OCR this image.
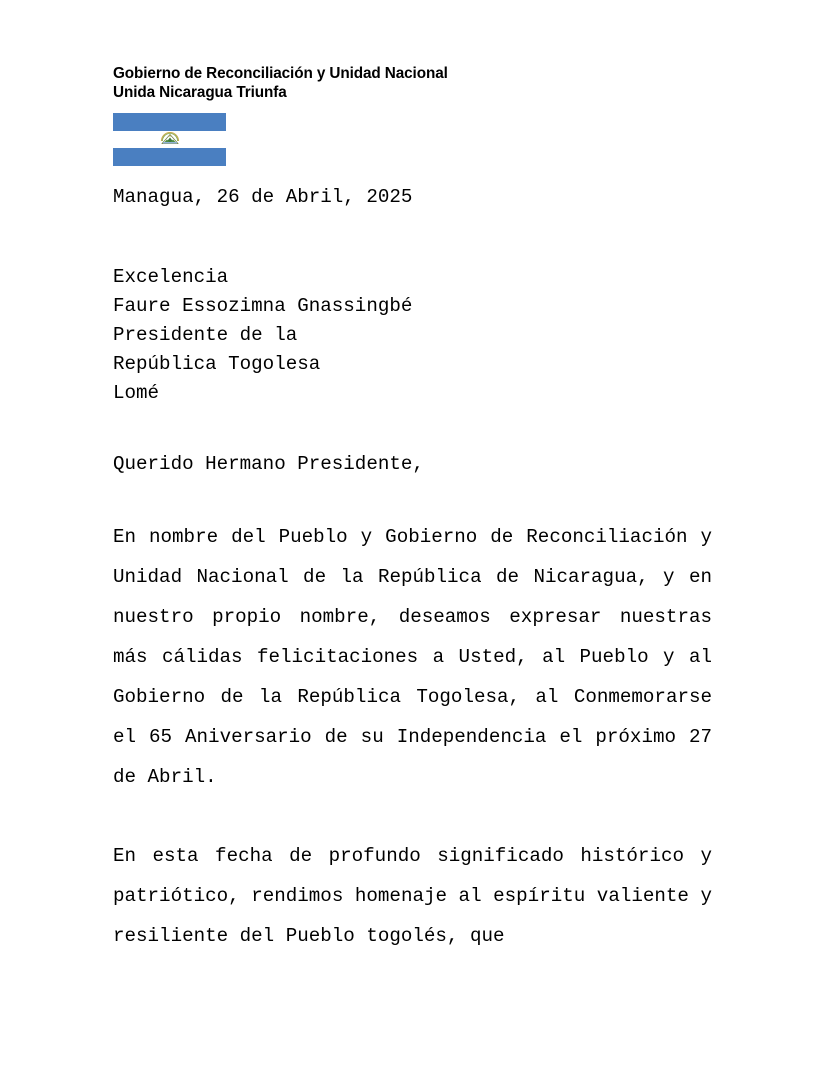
Gobierno de Reconciliación y Unidad Nacional
Unida Nicaragua Triunfa

Managua, 26 de Abril, 2025

Excelencia
Faure Essozimna Gnassingbé
Presidente de la
República Togolesa
Lomé

Querido Hermano Presidente,

En nombre del Pueblo y Gobierno de Reconciliación y Unidad Nacional de la República de Nicaragua, y en nuestro propio nombre, deseamos expresar nuestras más cálidas felicitaciones a Usted, al Pueblo y al Gobierno de la República Togolesa, al Conmemorarse el 65 Aniversario de su Independencia el próximo 27 de Abril.

En esta fecha de profundo significado histórico y patriótico, rendimos homenaje al espíritu valiente y resiliente del Pueblo togolés, que
